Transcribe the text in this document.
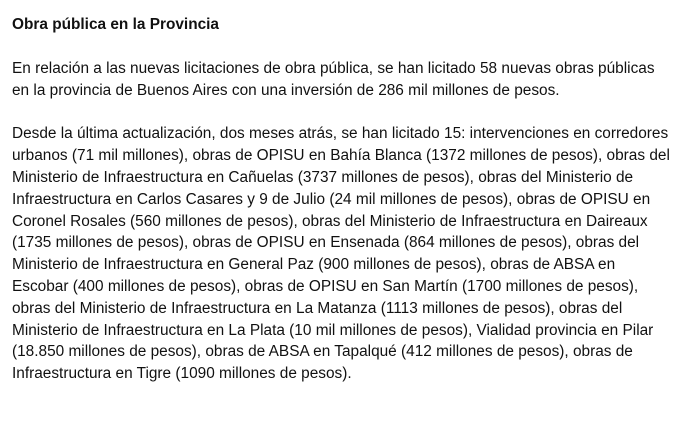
Obra pública en la Provincia

En relación a las nuevas licitaciones de obra pública, se han licitado 58 nuevas obras públicas en la provincia de Buenos Aires con una inversión de 286 mil millones de pesos.

Desde la última actualización, dos meses atrás, se han licitado 15: intervenciones en corredores urbanos (71 mil millones), obras de OPISU en Bahía Blanca (1372 millones de pesos), obras del Ministerio de Infraestructura en Cañuelas (3737 millones de pesos), obras del Ministerio de Infraestructura en Carlos Casares y 9 de Julio (24 mil millones de pesos), obras de OPISU en Coronel Rosales (560 millones de pesos), obras del Ministerio de Infraestructura en Daireaux (1735 millones de pesos), obras de OPISU en Ensenada (864 millones de pesos), obras del Ministerio de Infraestructura en General Paz (900 millones de pesos), obras de ABSA en Escobar (400 millones de pesos), obras de OPISU en San Martín (1700 millones de pesos), obras del Ministerio de Infraestructura en La Matanza (1113 millones de pesos), obras del Ministerio de Infraestructura en La Plata (10 mil millones de pesos), Vialidad provincia en Pilar (18.850 millones de pesos), obras de ABSA en Tapalqué (412 millones de pesos), obras de Infraestructura en Tigre (1090 millones de pesos).
